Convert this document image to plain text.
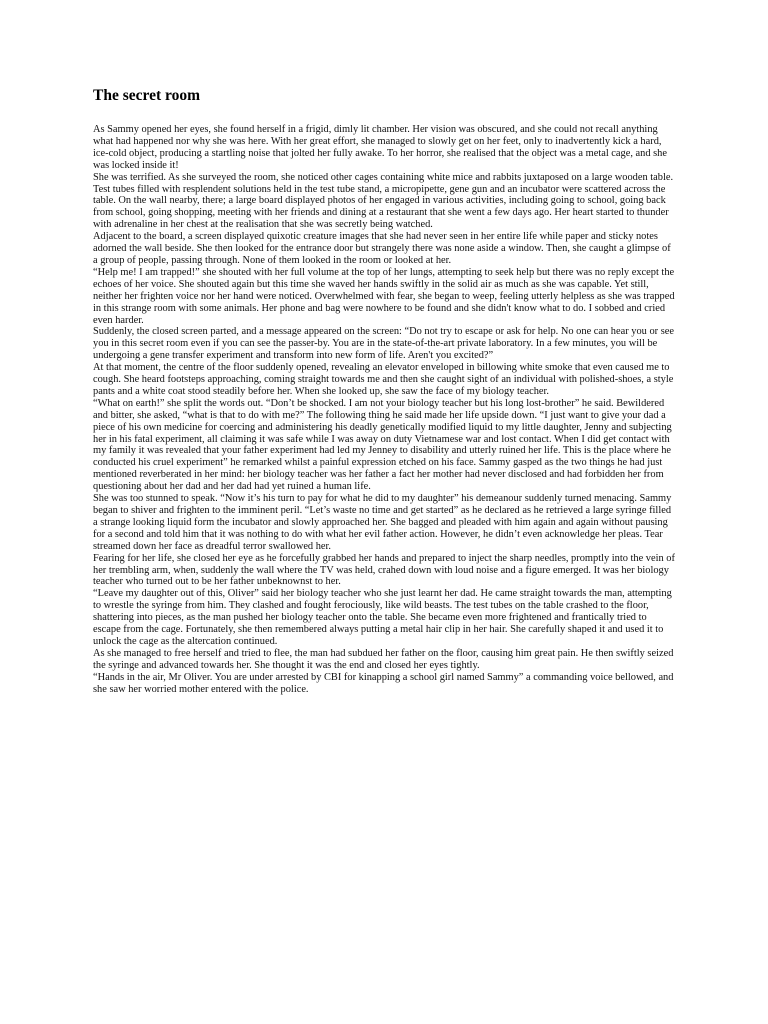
The secret room

As Sammy opened her eyes, she found herself in a frigid, dimly lit chamber. Her vision was obscured, and she could not recall anything what had happened nor why she was here. With her great effort, she managed to slowly get on her feet, only to inadvertently kick a hard, ice-cold object, producing a startling noise that jolted her fully awake. To her horror, she realised that the object was a metal cage, and she was locked inside it!

She was terrified. As she surveyed the room, she noticed other cages containing white mice and rabbits juxtaposed on a large wooden table. Test tubes filled with resplendent solutions held in the test tube stand, a micropipette, gene gun and an incubator were scattered across the table. On the wall nearby, there; a large board displayed photos of her engaged in various activities, including going to school, going back from school, going shopping, meeting with her friends and dining at a restaurant that she went a few days ago. Her heart started to thunder with adrenaline in her chest at the realisation that she was secretly being watched.

Adjacent to the board, a screen displayed quixotic creature images that she had never seen in her entire life while paper and sticky notes adorned the wall beside. She then looked for the entrance door but strangely there was none aside a window. Then, she caught a glimpse of a group of people, passing through. None of them looked in the room or looked at her.

“Help me! I am trapped!” she shouted with her full volume at the top of her lungs, attempting to seek help but there was no reply except the echoes of her voice. She shouted again but this time she waved her hands swiftly in the solid air as much as she was capable. Yet still, neither her frighten voice nor her hand were noticed. Overwhelmed with fear, she began to weep, feeling utterly helpless as she was trapped in this strange room with some animals. Her phone and bag were nowhere to be found and she didn't know what to do. I sobbed and cried even harder.

Suddenly, the closed screen parted, and a message appeared on the screen: “Do not try to escape or ask for help. No one can hear you or see you in this secret room even if you can see the passer-by. You are in the state-of-the-art private laboratory. In a few minutes, you will be undergoing a gene transfer experiment and transform into new form of life. Aren't you excited?”

At that moment, the centre of the floor suddenly opened, revealing an elevator enveloped in billowing white smoke that even caused me to cough. She heard footsteps approaching, coming straight towards me and then she caught sight of an individual with polished-shoes, a style pants and a white coat stood steadily before her. When she looked up, she saw the face of my biology teacher.

“What on earth!” she split the words out. “Don’t be shocked. I am not your biology teacher but his long lost-brother” he said. Bewildered and bitter, she asked, “what is that to do with me?” The following thing he said made her life upside down. “I just want to give your dad a piece of his own medicine for coercing and administering his deadly genetically modified liquid to my little daughter, Jenny and subjecting her in his fatal experiment, all claiming it was safe while I was away on duty Vietnamese war and lost contact. When I did get contact with my family it was revealed that your father experiment had led my Jenney to disability and utterly ruined her life. This is the place where he conducted his cruel experiment” he remarked whilst a painful expression etched on his face. Sammy gasped as the two things he had just mentioned reverberated in her mind: her biology teacher was her father a fact her mother had never disclosed and had forbidden her from questioning about her dad and her dad had yet ruined a human life.

She was too stunned to speak. “Now it’s his turn to pay for what he did to my daughter” his demeanour suddenly turned menacing. Sammy began to shiver and frighten to the imminent peril. “Let’s waste no time and get started” as he declared as he retrieved a large syringe filled a strange looking liquid form the incubator and slowly approached her. She bagged and pleaded with him again and again without pausing for a second and told him that it was nothing to do with what her evil father action. However, he didn’t even acknowledge her pleas. Tear streamed down her face as dreadful terror swallowed her.

Fearing for her life, she closed her eye as he forcefully grabbed her hands and prepared to inject the sharp needles, promptly into the vein of her trembling arm, when, suddenly the wall where the TV was held, crahed down with loud noise and a figure emerged. It was her biology teacher who turned out to be her father unbeknownst to her.

“Leave my daughter out of this, Oliver” said her biology teacher who she just learnt her dad. He came straight towards the man, attempting to wrestle the syringe from him. They clashed and fought ferociously, like wild beasts. The test tubes on the table crashed to the floor, shattering into pieces, as the man pushed her biology teacher onto the table. She became even more frightened and frantically tried to escape from the cage. Fortunately, she then remembered always putting a metal hair clip in her hair. She carefully shaped it and used it to unlock the cage as the altercation continued.

As she managed to free herself and tried to flee, the man had subdued her father on the floor, causing him great pain. He then swiftly seized the syringe and advanced towards her. She thought it was the end and closed her eyes tightly.

“Hands in the air, Mr Oliver. You are under arrested by CBI for kinapping a school girl named Sammy” a commanding voice bellowed, and she saw her worried mother entered with the police.
